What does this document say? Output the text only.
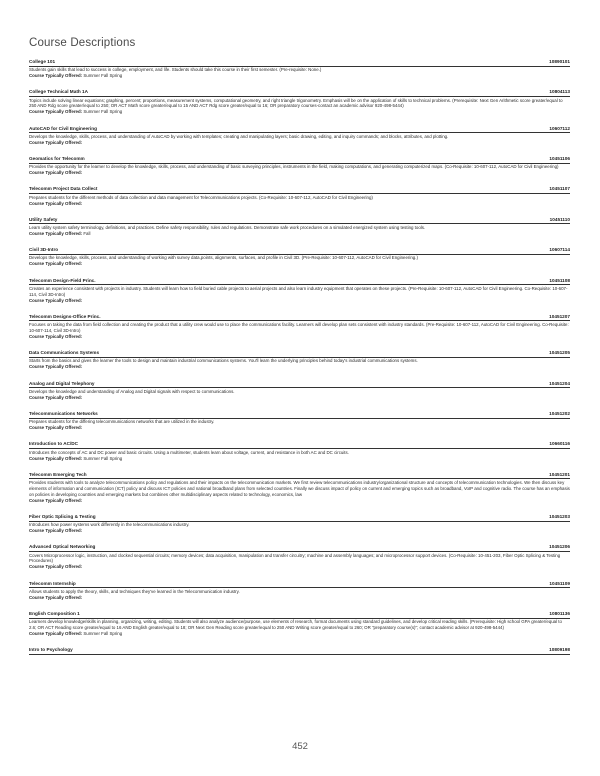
Course Descriptions
College 101	10890101
Students gain skills that lead to success in college, employment, and life. Students should take this course in their first semester. (Pre-requisite: None.)
Course Typically Offered: Summer Fall Spring
College Technical Math 1A	10804113
Topics include solving linear equations; graphing, percent; proportions, measurement systems, computational geometry, and right triangle trigonometry. Emphasis will be on the application of skills to technical problems. (Prerequisite: Next Gen Arithmetic score greater/equal to 250 AND Rdg score greater/equal to 250; OR ACT Math score greater/equal to 15 AND ACT Rdg score greater/equal to 16; OR preparatory courses-contact an academic advisor 920-498-5444)
Course Typically Offered: Summer Fall Spring
AutoCAD for Civil Engineering	10607112
Develops the knowledge, skills, process, and understanding of AutoCAD by working with templates; creating and manipulating layers; basic drawing, editing, and inquiry commands; and blocks, attributes, and plotting.
Course Typically Offered:
Geomatics for Telecomm	10451106
Provides the opportunity for the learner to develop the knowledge, skills, process, and understanding of basic surveying principles, instruments in the field, making computations, and generating computerized maps. (Co-Requisite: 10-607-112, AutoCAD for Civil Engineering)
Course Typically Offered:
Telecomm Project Data Collect	10451107
Prepares students for the different methods of data collection and data management for Telecommunications projects. (Co-Requisite: 10-607-112, AutoCAD for Civil Engineering)
Course Typically Offered:
Utility Safety	10451110
Learn utility system safety terminology, definitions, and practices. Define safety responsibility, rules and regulations. Demonstrate safe work procedures on a simulated energized system using testing tools.
Course Typically Offered: Fall
Civil 3D-Intro	10607114
Develops the knowledge, skills, process, and understanding of working with survey data,points, alignments, surfaces, and profile in Civil 3D. (Pre-Requisite: 10-607-112, AutoCAD for Civil Engineering.)
Course Typically Offered:
Telecomm Design-Field Princ.	10451108
Creates an experience consistent with projects in industry. Students will learn how to field buried cable projects to aerial projects and also learn industry equipment that operates on these projects. (Pre-Requisite: 10-607-112, AutoCAD for Civil Engineering. Co-Requisite: 10-607-114, Civil 3D-Intro)
Course Typically Offered:
Telecomm Designs-Office Princ.	10451207
Focuses on taking the data from field collection and creating the product that a utility crew would use to place the communications facility. Learners will develop plan sets consistent with industry standards. (Pre-Requisite: 10-607-112, AutoCAD for Civil Engineering. Co-Requisite: 10-607-114, Civil 3D-Intro)
Course Typically Offered:
Data Communications Systems	10451205
Starts from the basics and gives the learner the tools to design and maintain industrial communications systems. You'll learn the underlying principles behind today's industrial communications systems.
Course Typically Offered:
Analog and Digital Telephony	10451204
Develops the knowledge and understanding of Analog and Digital signals with respect to communications.
Course Typically Offered:
Telecommunications Networks	10451202
Prepares students for the differing telecommunications networks that are utilized in the industry.
Course Typically Offered:
Introduction to AC/DC	10660116
Introduces the concepts of AC and DC power and basic circuits. Using a multimeter, students learn about voltage, current, and resistance in both AC and DC circuits.
Course Typically Offered: Summer Fall Spring
Telecomm Emerging Tech	10451201
Provides students with tools to analyze telecommunications policy and regulations and their impacts on the telecommunication markets. We first review telecommunications industry/organizational structure and concepts of telecommunication technologies. We then discuss key elements of information and communication (ICT) policy and discuss ICT policies and national broadband plans from selected countries. Finally we discuss impact of policy on current and emerging topics such as broadband, VoIP and cognitive radio. The course has an emphasis on policies in developing countries and emerging markets but combines other multidisciplinary aspects related to technology, economics, law
Course Typically Offered:
Fiber Optic Splicing & Testing	10451203
Introduces how power systems work differently in the telecommunications industry.
Course Typically Offered:
Advanced Optical Networking	10451206
Covers Microprocessor logic, instruction, and clocked sequential circuits; memory devices; data acquisition, manipulation and transfer circuitry; machine and assembly languages; and microprocessor support devices. (Co-Requisite: 10-451-203, Fiber Optic Splicing & Testing Procedures)
Course Typically Offered:
Telecomm Internship	10451109
Allows students to apply the theory, skills, and techniques they've learned in the Telecommunication industry.
Course Typically Offered:
English Composition 1	10801136
Learners develop knowledge/skills in planning, organizing, writing, editing. Students will also analyze audience/purpose, use elements of research, format documents using standard guidelines, and develop critical reading skills. (Prerequisite: High school GPA greater/equal to 2.6; OR ACT Reading score greater/equal to 16 AND English greater/equal to 18; OR Next Gen Reading score greater/equal to 250 AND Writing score greater/equal to 260; OR "preparatory course(s)"; contact academic advisor at 920-498-5444)
Course Typically Offered: Summer Fall Spring
Intro to Psychology	10809198
452
